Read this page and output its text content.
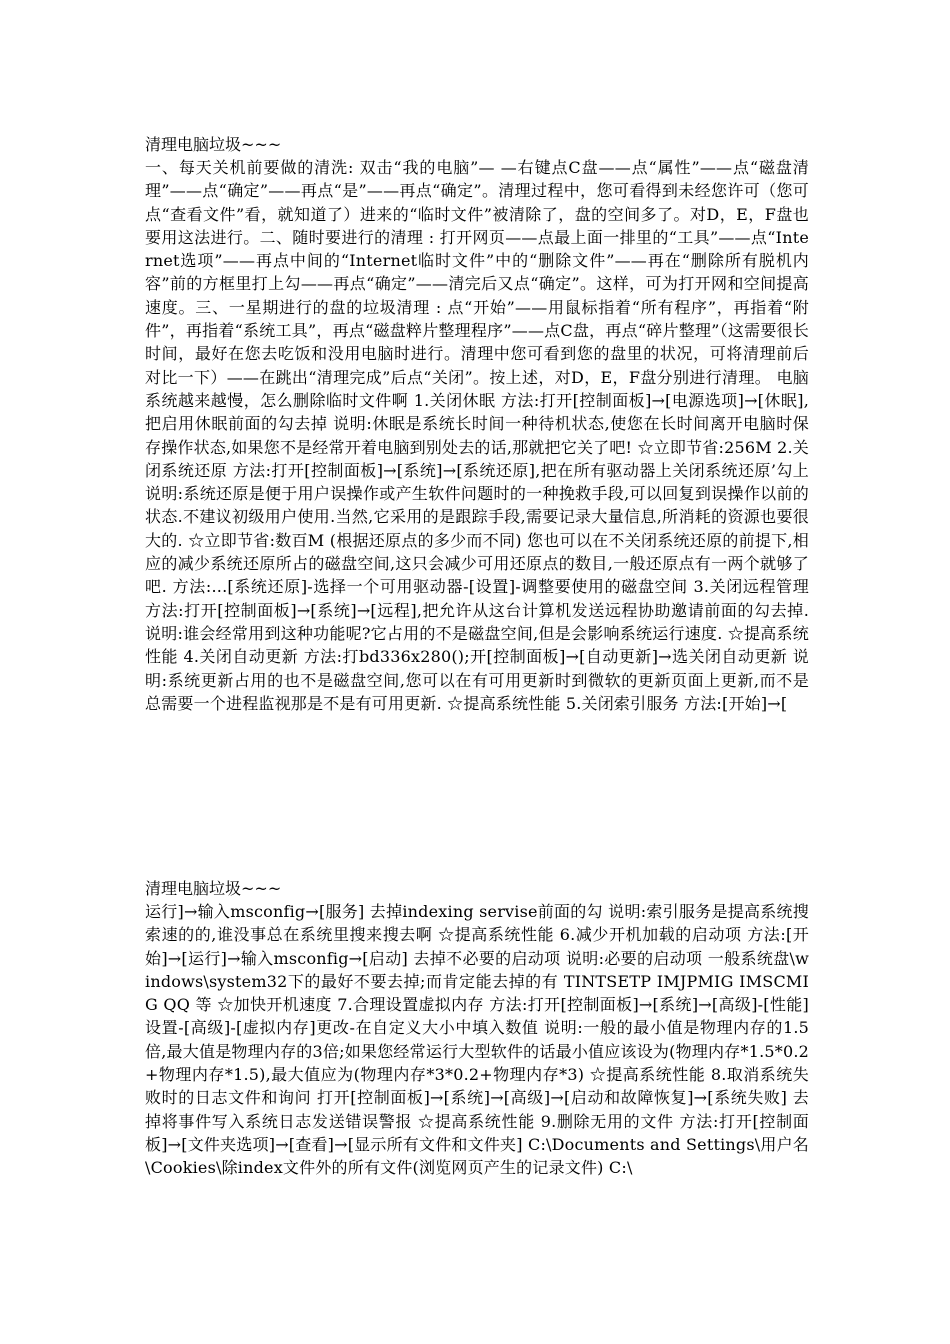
清理电脑垃圾~~~

一、每天关机前要做的清洗: 双击“我的电脑”— —右键点C盘——点“属性”——点“磁盘清理”——点“确定”——再点“是”——再点“确定”。清理过程中，您可看得到未经您许可（您可点“查看文件”看，就知道了）进来的“临时文件”被清除了，盘的空间多了。对D，E，F盘也要用这法进行。二、随时要进行的清理 : 打开网页——点最上面一排里的“工具”——点“Internet选项”——再点中间的“Internet临时文件”中的“删除文件”——再在“删除所有脱机内容”前的方框里打上勾——再点“确定”——清完后又点“确定”。这样，可为打开网和空间提高速度。三、一星期进行的盘的垃圾清理 : 点“开始”——用鼠标指着“所有程序”，再指着“附件”，再指着“系统工具”，再点“磁盘粹片整理程序”——点C盘，再点“碎片整理”（这需要很长时间，最好在您去吃饭和没用电脑时进行。清理中您可看到您的盘里的状况，可将清理前后对比一下）——在跳出“清理完成”后点“关闭”。按上述，对D，E，F盘分别进行清理。 电脑系统越来越慢，怎么删除临时文件啊 1.关闭休眠 方法:打开[控制面板]→[电源选项]→[休眠],把启用休眠前面的勾去掉 说明:休眠是系统长时间一种待机状态,使您在长时间离开电脑时保存操作状态,如果您不是经常开着电脑到别处去的话,那就把它关了吧! ☆立即节省:256M 2.关闭系统还原 方法:打开[控制面板]→[系统]→[系统还原],把在所有驱动器上关闭系统还原’勾上 说明:系统还原是便于用户误操作或产生软件问题时的一种挽救手段,可以回复到误操作以前的状态.不建议初级用户使用.当然,它采用的是跟踪手段,需要记录大量信息,所消耗的资源也要很大的. ☆立即节省:数百M (根据还原点的多少而不同) 您也可以在不关闭系统还原的前提下,相应的减少系统还原所占的磁盘空间,这只会减少可用还原点的数目,一般还原点有一两个就够了吧. 方法:...[系统还原]-选择一个可用驱动器-[设置]-调整要使用的磁盘空间 3.关闭远程管理 方法:打开[控制面板]→[系统]→[远程],把允许从这台计算机发送远程协助邀请前面的勾去掉. 说明:谁会经常用到这种功能呢?它占用的不是磁盘空间,但是会影响系统运行速度. ☆提高系统性能 4.关闭自动更新 方法:打bd336x280();开[控制面板]→[自动更新]→选关闭自动更新 说明:系统更新占用的也不是磁盘空间,您可以在有可用更新时到微软的更新页面上更新,而不是总需要一个进程监视那是不是有可用更新. ☆提高系统性能 5.关闭索引服务 方法:[开始]→[

清理电脑垃圾~~~

运行]→输入msconfig→[服务] 去掉indexing servise前面的勾 说明:索引服务是提高系统搜索速的的,谁没事总在系统里搜来搜去啊 ☆提高系统性能 6.减少开机加载的启动项 方法:[开始]→[运行]→输入msconfig→[启动] 去掉不必要的启动项 说明:必要的启动项 一般系统盘\windows\system32下的最好不要去掉;而肯定能去掉的有 TINTSETP IMJPMIG IMSCMIG QQ 等 ☆加快开机速度 7.合理设置虚拟内存 方法:打开[控制面板]→[系统]→[高级]-[性能]设置-[高级]-[虚拟内存]更改-在自定义大小中填入数值 说明:一般的最小值是物理内存的1.5倍,最大值是物理内存的3倍;如果您经常运行大型软件的话最小值应该设为(物理内存*1.5*0.2+物理内存*1.5),最大值应为(物理内存*3*0.2+物理内存*3) ☆提高系统性能 8.取消系统失败时的日志文件和询问 打开[控制面板]→[系统]→[高级]→[启动和故障恢复]→[系统失败] 去掉将事件写入系统日志发送错误警报 ☆提高系统性能 9.删除无用的文件 方法:打开[控制面板]→[文件夹选项]→[查看]→[显示所有文件和文件夹] C:\Documents and Settings\用户名\Cookies\除index文件外的所有文件(浏览网页产生的记录文件) C:\
